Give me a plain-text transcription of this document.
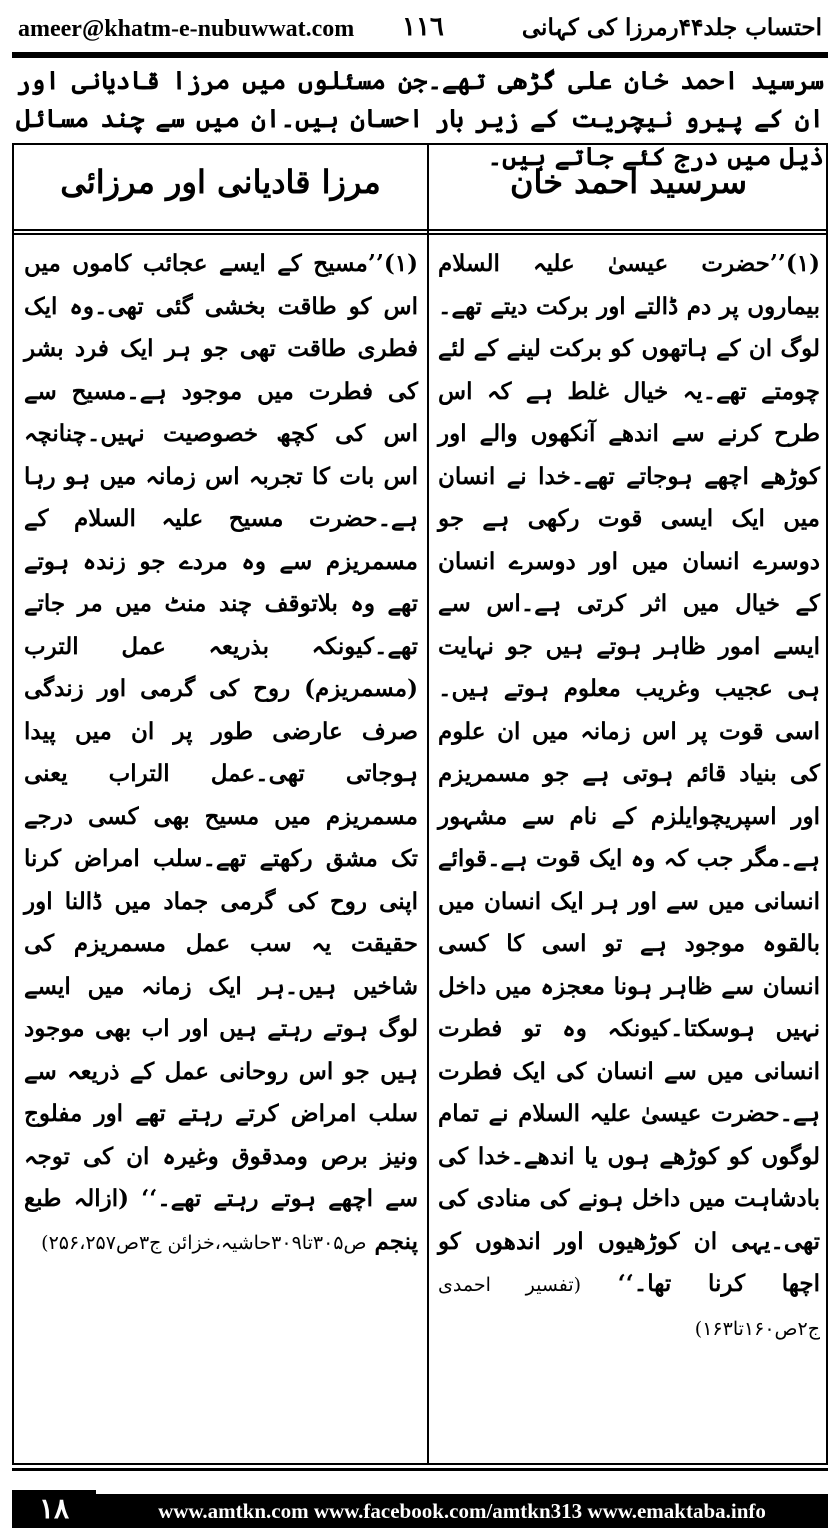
ameer@khatm-e-nubuwwat.com ١١٦	احتساب جلد۴۴رمرزا کی کہانی
سرسید احمد خان علی گڑھی تھے۔جن مسئلوں میں مرزا قادیانی اور ان کے پیرو نیچریت کے زیر بار احسان ہیں۔ان میں سے چند مسائل ذیل میں درج کئے جاتے ہیں۔
سرسید احمد خان
مرزا قادیانی اور مرزائی
(۱)’’حضرت عیسیٰ علیہ السلام بیماروں پر دم ڈالتے اور برکت دیتے تھے۔لوگ ان کے ہاتھوں کو برکت لینے کے لئے چومتے تھے۔یہ خیال غلط ہے کہ اس طرح کرنے سے اندھے آنکھوں والے اور کوڑھے اچھے ہوجاتے تھے۔خدا نے انسان میں ایک ایسی قوت رکھی ہے جو دوسرے انسان میں اور دوسرے انسان کے خیال میں اثر کرتی ہے۔اس سے ایسے امور ظاہر ہوتے ہیں جو نہایت ہی عجیب وغریب معلوم ہوتے ہیں۔اسی قوت پر اس زمانہ میں ان علوم کی بنیاد قائم ہوتی ہے جو مسمریزم اور اسپریچوایلزم کے نام سے مشہور ہے۔مگر جب کہ وہ ایک قوت ہے۔قوائے انسانی میں سے اور ہر ایک انسان میں بالقوہ موجود ہے تو اسی کا کسی انسان سے ظاہر ہونا معجزہ میں داخل نہیں ہوسکتا۔کیونکہ وہ تو فطرت انسانی میں سے انسان کی ایک فطرت ہے۔حضرت عیسیٰ علیہ السلام نے تمام لوگوں کو کوڑھے ہوں یا اندھے۔خدا کی بادشاہت میں داخل ہونے کی منادی کی تھی۔یہی ان کوڑھیوں اور اندھوں کو اچھا کرنا تھا۔‘‘ (تفسیر احمدی ج۲ص۱۶۰تا۱۶۳)
(۱)’’مسیح کے ایسے عجائب کاموں میں اس کو طاقت بخشی گئی تھی۔وہ ایک فطری طاقت تھی جو ہر ایک فرد بشر کی فطرت میں موجود ہے۔مسیح سے اس کی کچھ خصوصیت نہیں۔چنانچہ اس بات کا تجربہ اس زمانہ میں ہو رہا ہے۔حضرت مسیح علیہ السلام کے مسمریزم سے وہ مردے جو زندہ ہوتے تھے وہ بلاتوقف چند منٹ میں مر جاتے تھے۔کیونکہ بذریعہ عمل الترب (مسمریزم) روح کی گرمی اور زندگی صرف عارضی طور پر ان میں پیدا ہوجاتی تھی۔عمل التراب یعنی مسمریزم میں مسیح بھی کسی درجے تک مشق رکھتے تھے۔سلب امراض کرنا اپنی روح کی گرمی جماد میں ڈالنا اور حقیقت یہ سب عمل مسمریزم کی شاخیں ہیں۔ہر ایک زمانہ میں ایسے لوگ ہوتے رہتے ہیں اور اب بھی موجود ہیں جو اس روحانی عمل کے ذریعہ سے سلب امراض کرتے رہتے تھے اور مفلوج ونیز برص ومدقوق وغیرہ ان کی توجہ سے اچھے ہوتے رہتے تھے۔‘‘ (ازالہ طبع پنجم ص۳۰۵تا۳۰۹حاشیہ،خزائن ج۳ص۲۵۶،۲۵۷)
۱۸	www.amtkn.com www.facebook.com/amtkn313 www.emaktaba.info
